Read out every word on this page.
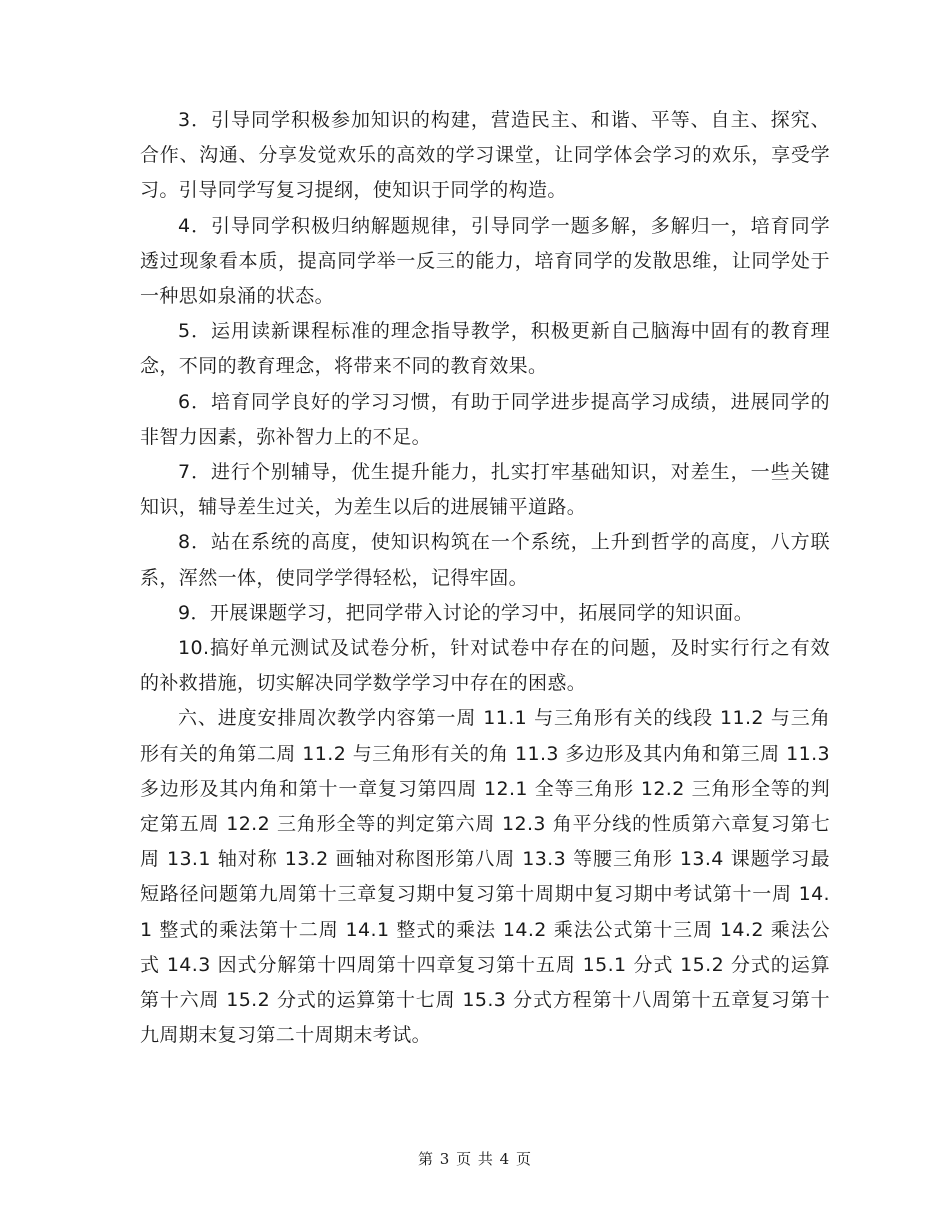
3．引导同学积极参加知识的构建，营造民主、和谐、平等、自主、探究、合作、沟通、分享发觉欢乐的高效的学习课堂，让同学体会学习的欢乐，享受学习。引导同学写复习提纲，使知识于同学的构造。

4．引导同学积极归纳解题规律，引导同学一题多解，多解归一，培育同学透过现象看本质，提高同学举一反三的能力，培育同学的发散思维，让同学处于一种思如泉涌的状态。

5．运用读新课程标准的理念指导教学，积极更新自己脑海中固有的教育理念，不同的教育理念，将带来不同的教育效果。

6．培育同学良好的学习习惯，有助于同学进步提高学习成绩，进展同学的非智力因素，弥补智力上的不足。

7．进行个别辅导，优生提升能力，扎实打牢基础知识，对差生，一些关键知识，辅导差生过关，为差生以后的进展铺平道路。

8．站在系统的高度，使知识构筑在一个系统，上升到哲学的高度，八方联系，浑然一体，使同学学得轻松，记得牢固。

9．开展课题学习，把同学带入讨论的学习中，拓展同学的知识面。

10.搞好单元测试及试卷分析，针对试卷中存在的问题，及时实行行之有效的补救措施，切实解决同学数学学习中存在的困惑。

六、进度安排周次教学内容第一周 11.1 与三角形有关的线段 11.2 与三角形有关的角第二周 11.2 与三角形有关的角 11.3 多边形及其内角和第三周 11.3 多边形及其内角和第十一章复习第四周 12.1 全等三角形 12.2 三角形全等的判定第五周 12.2 三角形全等的判定第六周 12.3 角平分线的性质第六章复习第七周 13.1 轴对称 13.2 画轴对称图形第八周 13.3 等腰三角形 13.4 课题学习最短路径问题第九周第十三章复习期中复习第十周期中复习期中考试第十一周 14.1 整式的乘法第十二周 14.1 整式的乘法 14.2 乘法公式第十三周 14.2 乘法公式 14.3 因式分解第十四周第十四章复习第十五周 15.1 分式 15.2 分式的运算第十六周 15.2 分式的运算第十七周 15.3 分式方程第十八周第十五章复习第十九周期末复习第二十周期末考试。

第 3 页 共 4 页
